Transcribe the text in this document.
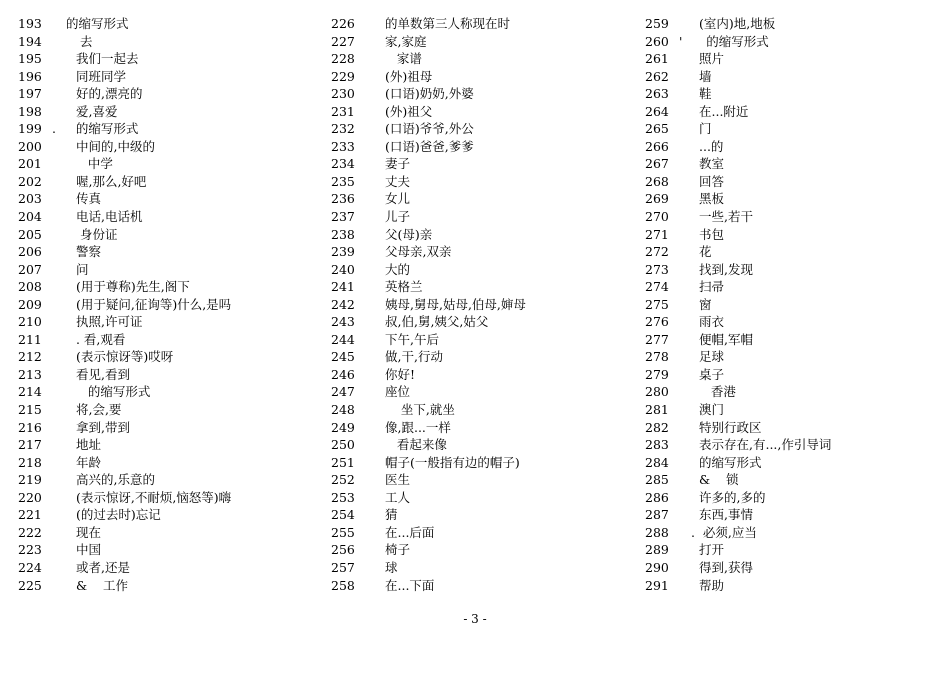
193 的缩写形式
194 去
195 我们一起去
196 同班同学
197 好的,漂亮的
198 爱,喜爱
199 .     的缩写形式
200 中间的,中级的
201 中学
202 喔,那么,好吧
203 传真
204 电话,电话机
205 身份证
206 警察
207 问
208 (用于尊称)先生,阁下
209 (用于疑问,征询等)什么,是吗
210 执照,许可证
211 . 看,观看
212 (表示惊讶等)哎呀
213 看见,看到
214 的缩写形式
215 将,会,要
216 拿到,带到
217 地址
218 年龄
219 高兴的,乐意的
220 (表示惊讶,不耐烦,恼怒等)嗨
221 (的过去时)忘记
222 现在
223 中国
224 或者,还是
225 &    工作
226 的单数第三人称现在时
227 家,家庭
228 家谱
229 (外)祖母
230 (口语)奶奶,外婆
231 (外)祖父
232 (口语)爷爷,外公
233 (口语)爸爸,爹爹
234 妻子
235 丈夫
236 女儿
237 儿子
238 父(母)亲
239 父母亲,双亲
240 大的
241 英格兰
242 姨母,舅母,姑母,伯母,婶母
243 叔,伯,舅,姨父,姑父
244 下午,午后
245 做,干,行动
246 你好!
247 座位
248 坐下,就坐
249 像,跟...一样
250 看起来像
251 帽子(一般指有边的帽子)
252 医生
253 工人
254 猜
255 在...后面
256 椅子
257 球
258 在...下面
259 (室内)地,地板
260 '      的缩写形式
261 照片
262 墙
263 鞋
264 在...附近
265 门
266 ...的
267 教室
268 回答
269 黑板
270 一些,若干
271 书包
272 花
273 找到,发现
274 扫帚
275 窗
276 雨衣
277 便帽,军帽
278 足球
279 桌子
280 香港
281 澳门
282 特别行政区
283 表示存在,有...,作引导词
284 的缩写形式
285 &    锁
286 许多的,多的
287 东西,事情
288 .  必须,应当
289 打开
290 得到,获得
291 帮助
- 3 -
